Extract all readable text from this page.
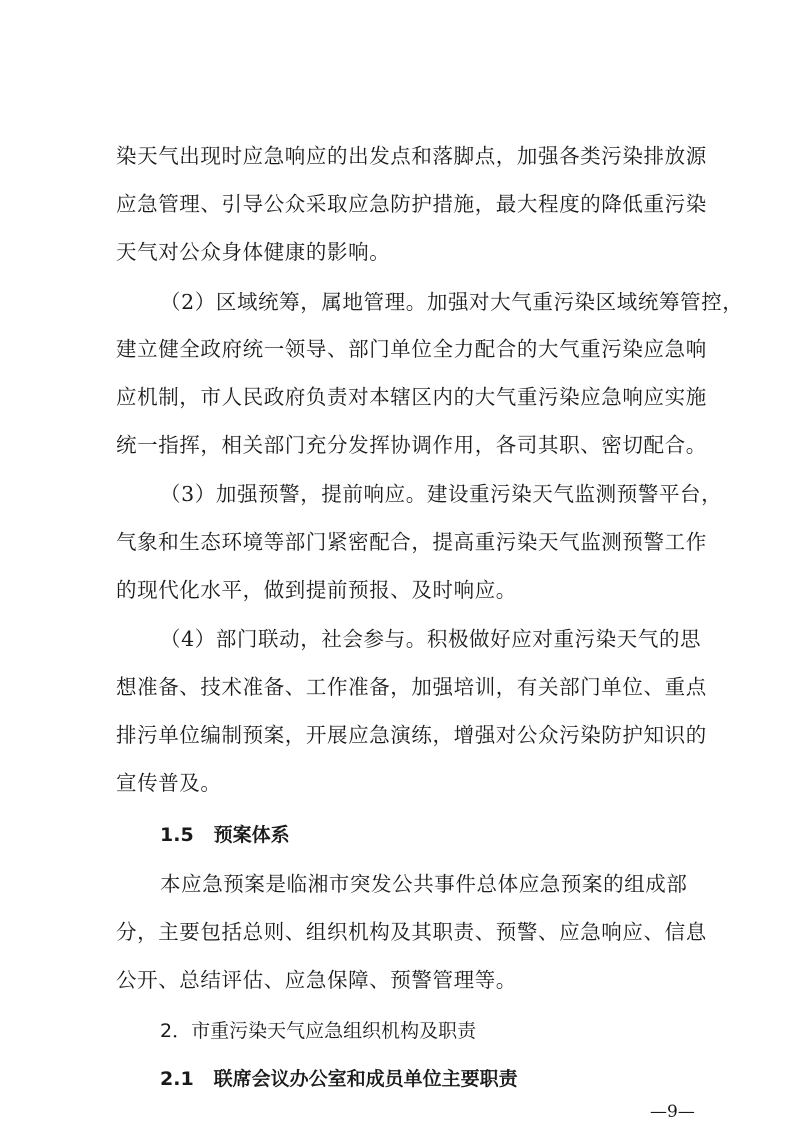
染天气出现时应急响应的出发点和落脚点，加强各类污染排放源
应急管理、引导公众采取应急防护措施，最大程度的降低重污染
天气对公众身体健康的影响。
（2）区域统筹，属地管理。加强对大气重污染区域统筹管控，
建立健全政府统一领导、部门单位全力配合的大气重污染应急响
应机制，市人民政府负责对本辖区内的大气重污染应急响应实施
统一指挥，相关部门充分发挥协调作用，各司其职、密切配合。
（3）加强预警，提前响应。建设重污染天气监测预警平台，
气象和生态环境等部门紧密配合，提高重污染天气监测预警工作
的现代化水平，做到提前预报、及时响应。
（4）部门联动，社会参与。积极做好应对重污染天气的思
想准备、技术准备、工作准备，加强培训，有关部门单位、重点
排污单位编制预案，开展应急演练，增强对公众污染防护知识的
宣传普及。
1.5 预案体系
本应急预案是临湘市突发公共事件总体应急预案的组成部
分，主要包括总则、组织机构及其职责、预警、应急响应、信息
公开、总结评估、应急保障、预警管理等。
2．市重污染天气应急组织机构及职责
2.1 联席会议办公室和成员单位主要职责
—9—
